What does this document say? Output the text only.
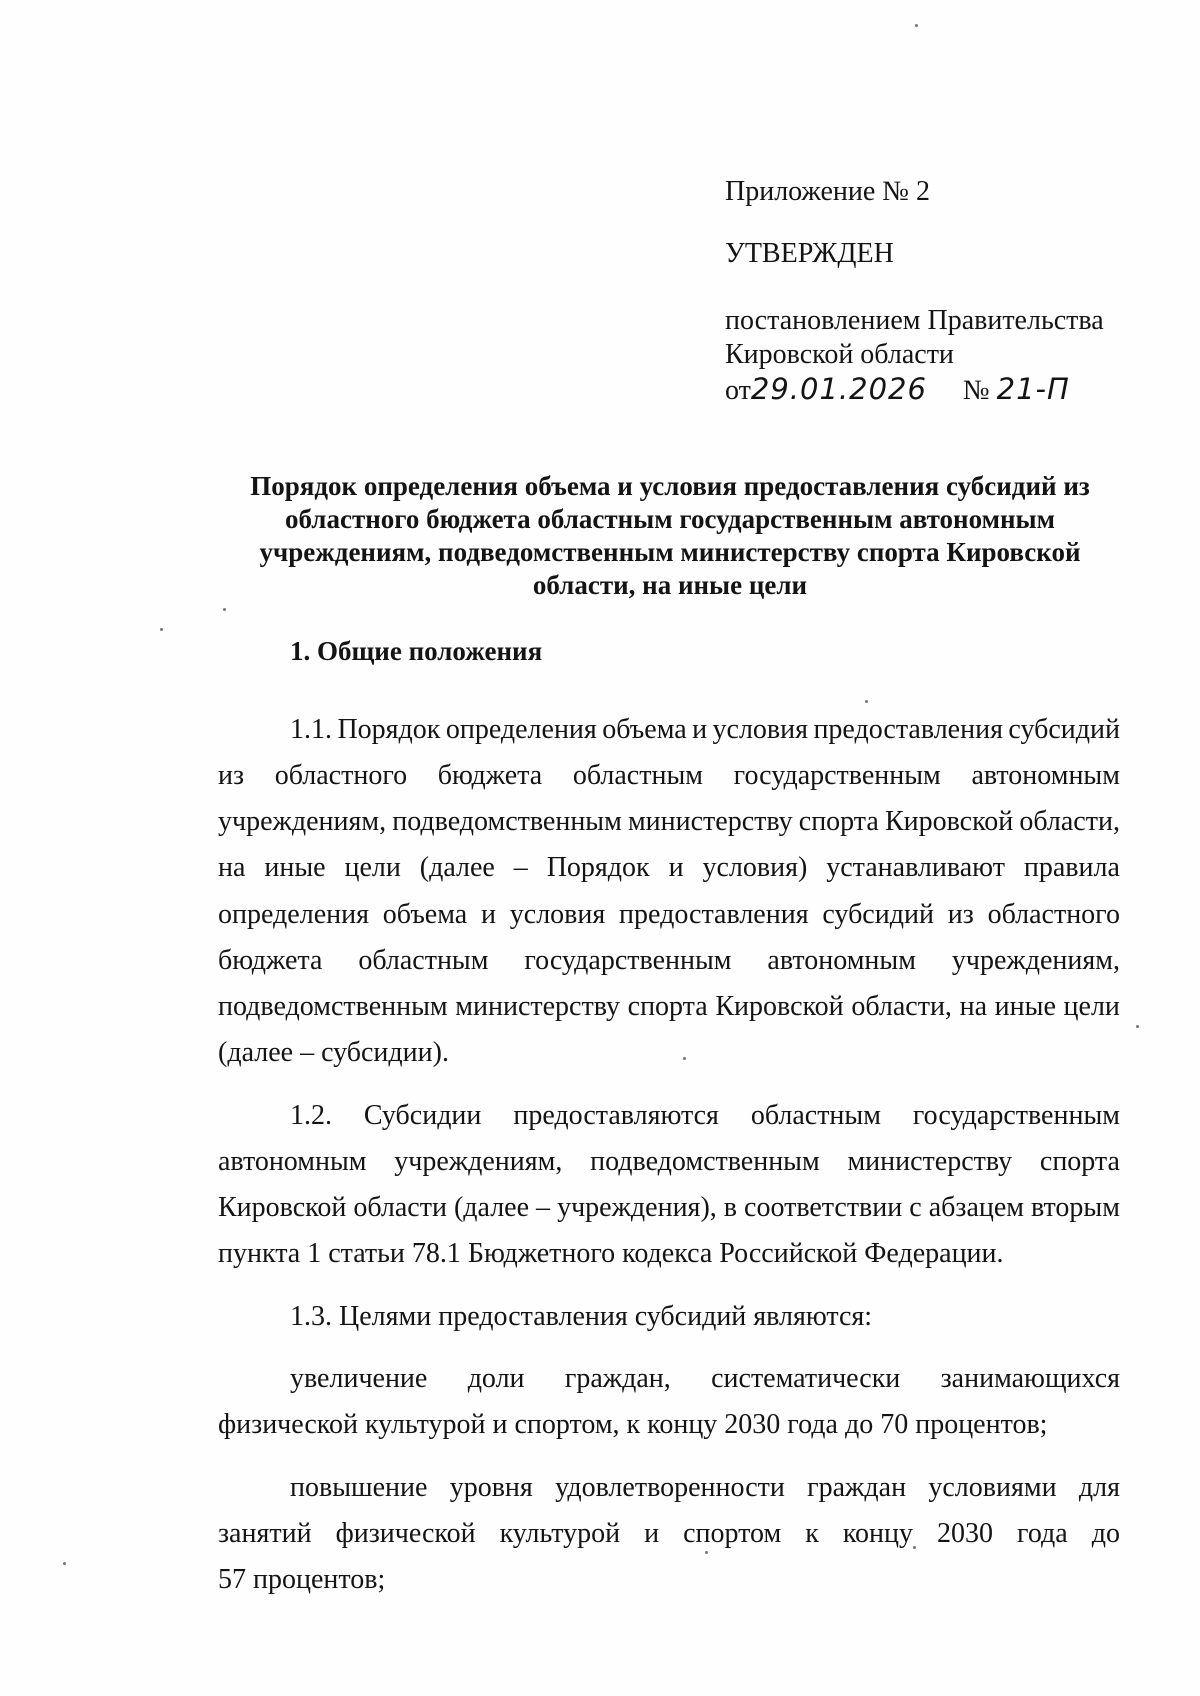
Приложение № 2
УТВЕРЖДЕН
постановлением Правительства
Кировской области
от29.01.2026 № 21-П
Порядок определения объема и условия предоставления субсидий из
областного бюджета областным государственным автономным
учреждениям, подведомственным министерству спорта Кировской
области, на иные цели
1. Общие положения
1.1. Порядок определения объема и условия предоставления субсидий
из областного бюджета областным государственным автономным
учреждениям, подведомственным министерству спорта Кировской области,
на иные цели (далее – Порядок и условия) устанавливают правила
определения объема и условия предоставления субсидий из областного
бюджета областным государственным автономным учреждениям,
подведомственным министерству спорта Кировской области, на иные цели
(далее – субсидии).
1.2. Субсидии предоставляются областным государственным
автономным учреждениям, подведомственным министерству спорта
Кировской области (далее – учреждения), в соответствии с абзацем вторым
пункта 1 статьи 78.1 Бюджетного кодекса Российской Федерации.
1.3. Целями предоставления субсидий являются:
увеличение доли граждан, систематически занимающихся
физической культурой и спортом, к концу 2030 года до 70 процентов;
повышение уровня удовлетворенности граждан условиями для
занятий физической культурой и спортом к концу 2030 года до
57 процентов;
